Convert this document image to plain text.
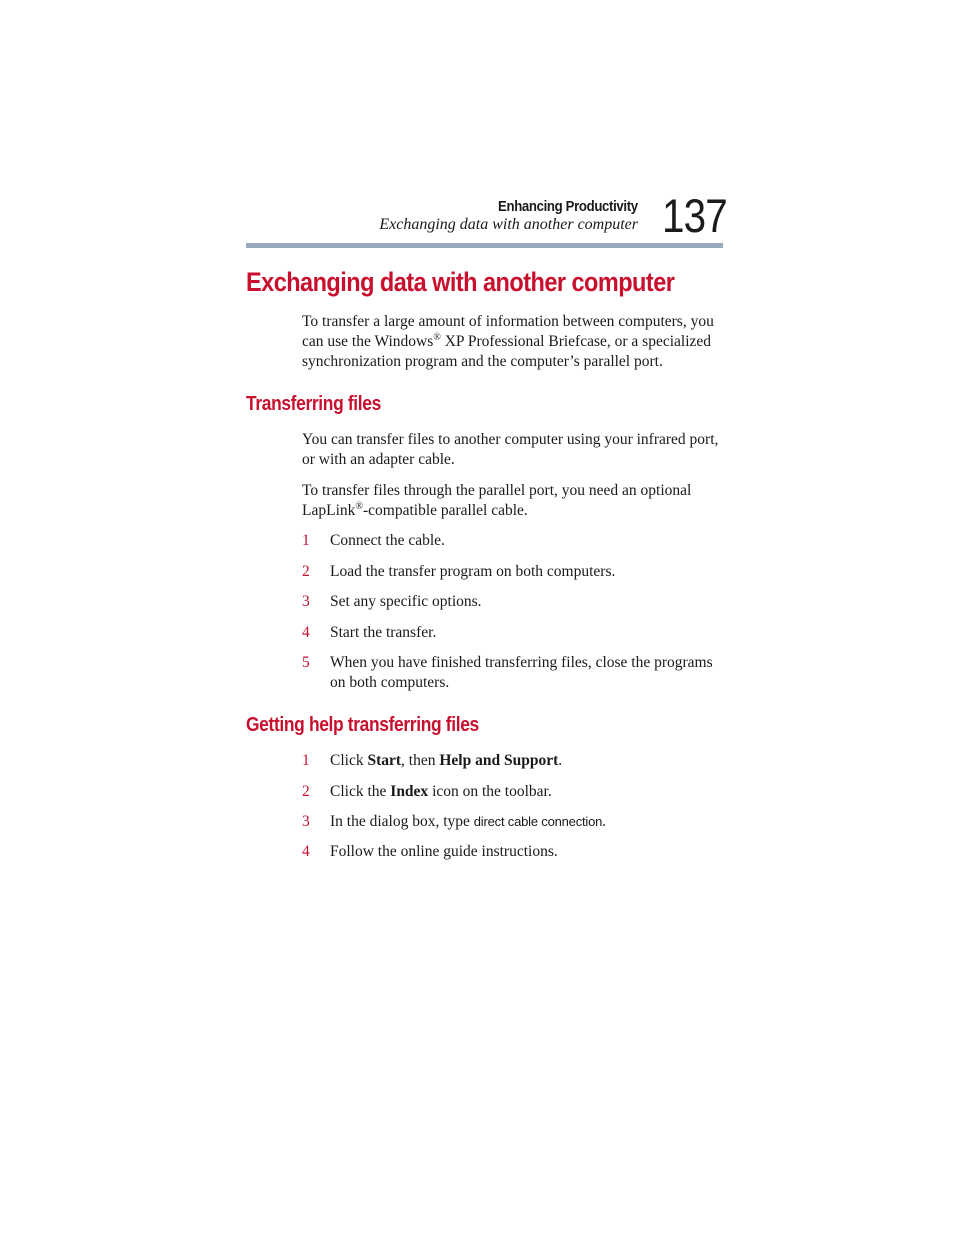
Enhancing Productivity
Exchanging data with another computer 137
Exchanging data with another computer

To transfer a large amount of information between computers, you can use the Windows® XP Professional Briefcase, or a specialized synchronization program and the computer’s parallel port.

Transferring files

You can transfer files to another computer using your infrared port, or with an adapter cable.

To transfer files through the parallel port, you need an optional LapLink®-compatible parallel cable.

1	Connect the cable.
2	Load the transfer program on both computers.
3	Set any specific options.
4	Start the transfer.
5	When you have finished transferring files, close the programs on both computers.
Getting help transferring files
1	Click Start, then Help and Support.
2	Click the Index icon on the toolbar.
3	In the dialog box, type direct cable connection.
4	Follow the online guide instructions.
